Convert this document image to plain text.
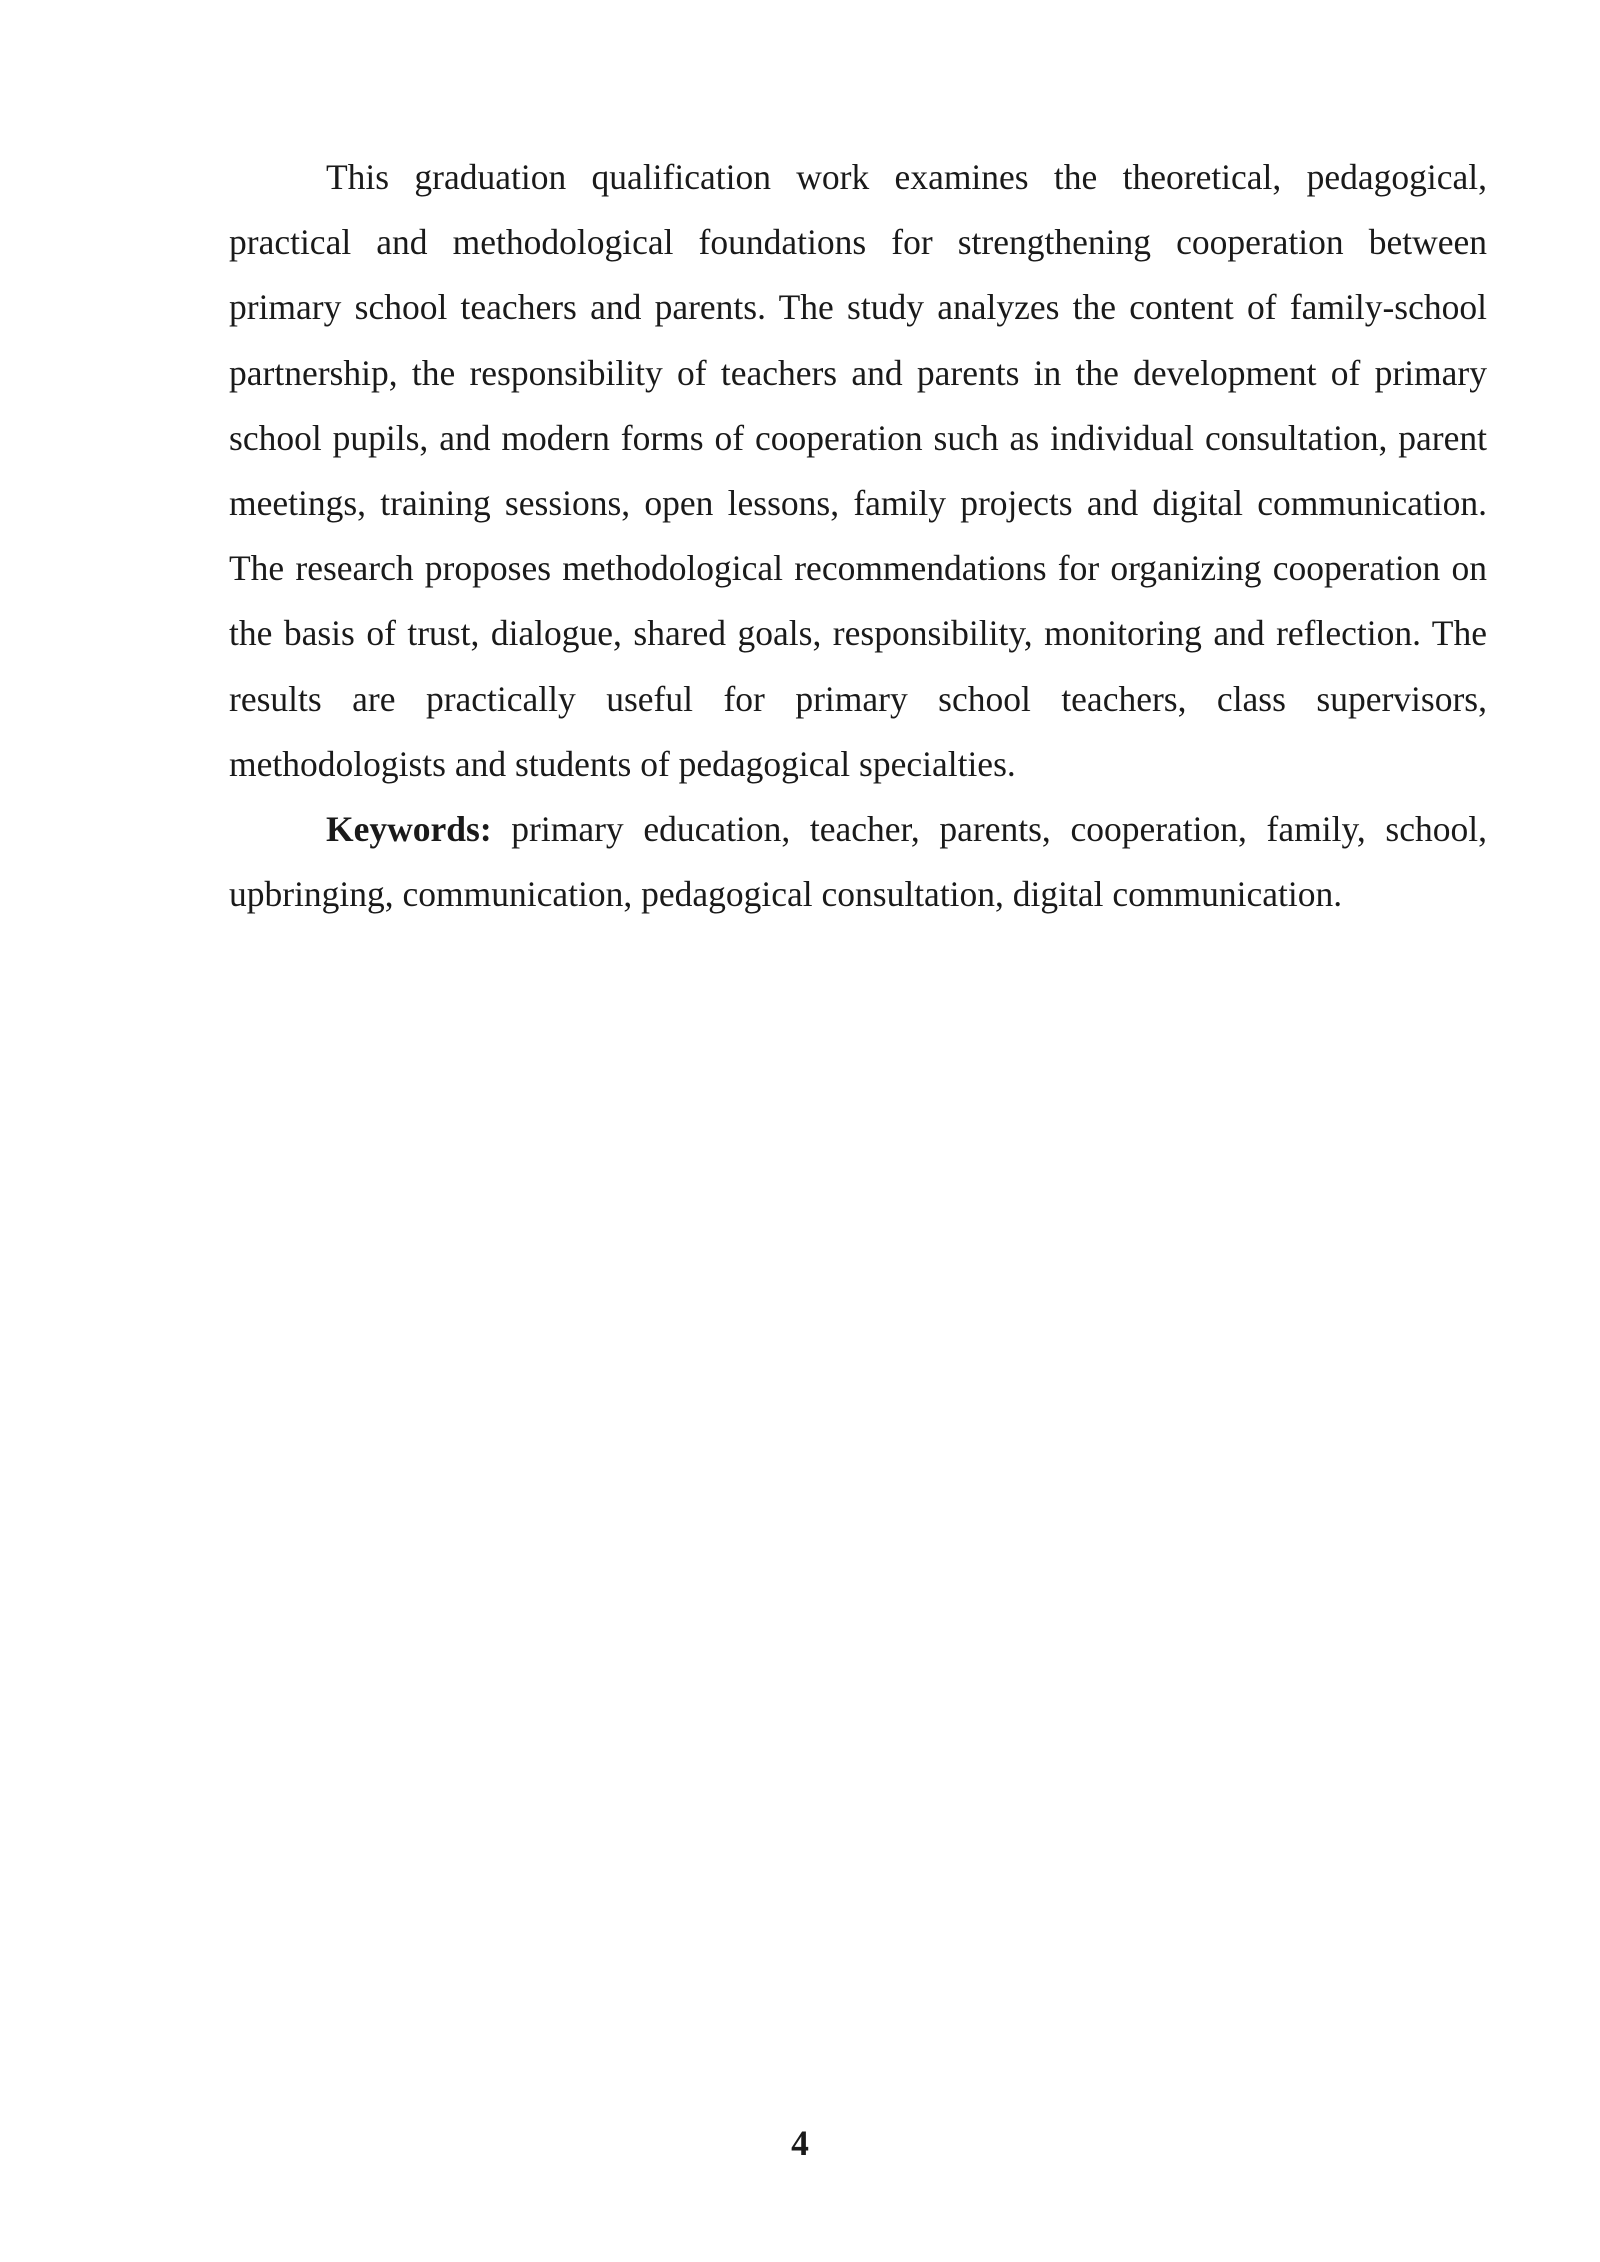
This graduation qualification work examines the theoretical, pedagogical, practical and methodological foundations for strengthening cooperation between primary school teachers and parents. The study analyzes the content of family-school partnership, the responsibility of teachers and parents in the development of primary school pupils, and modern forms of cooperation such as individual consultation, parent meetings, training sessions, open lessons, family projects and digital communication. The research proposes methodological recommendations for organizing cooperation on the basis of trust, dialogue, shared goals, responsibility, monitoring and reflection. The results are practically useful for primary school teachers, class supervisors, methodologists and students of pedagogical specialties.

Keywords: primary education, teacher, parents, cooperation, family, school, upbringing, communication, pedagogical consultation, digital communication.

4
